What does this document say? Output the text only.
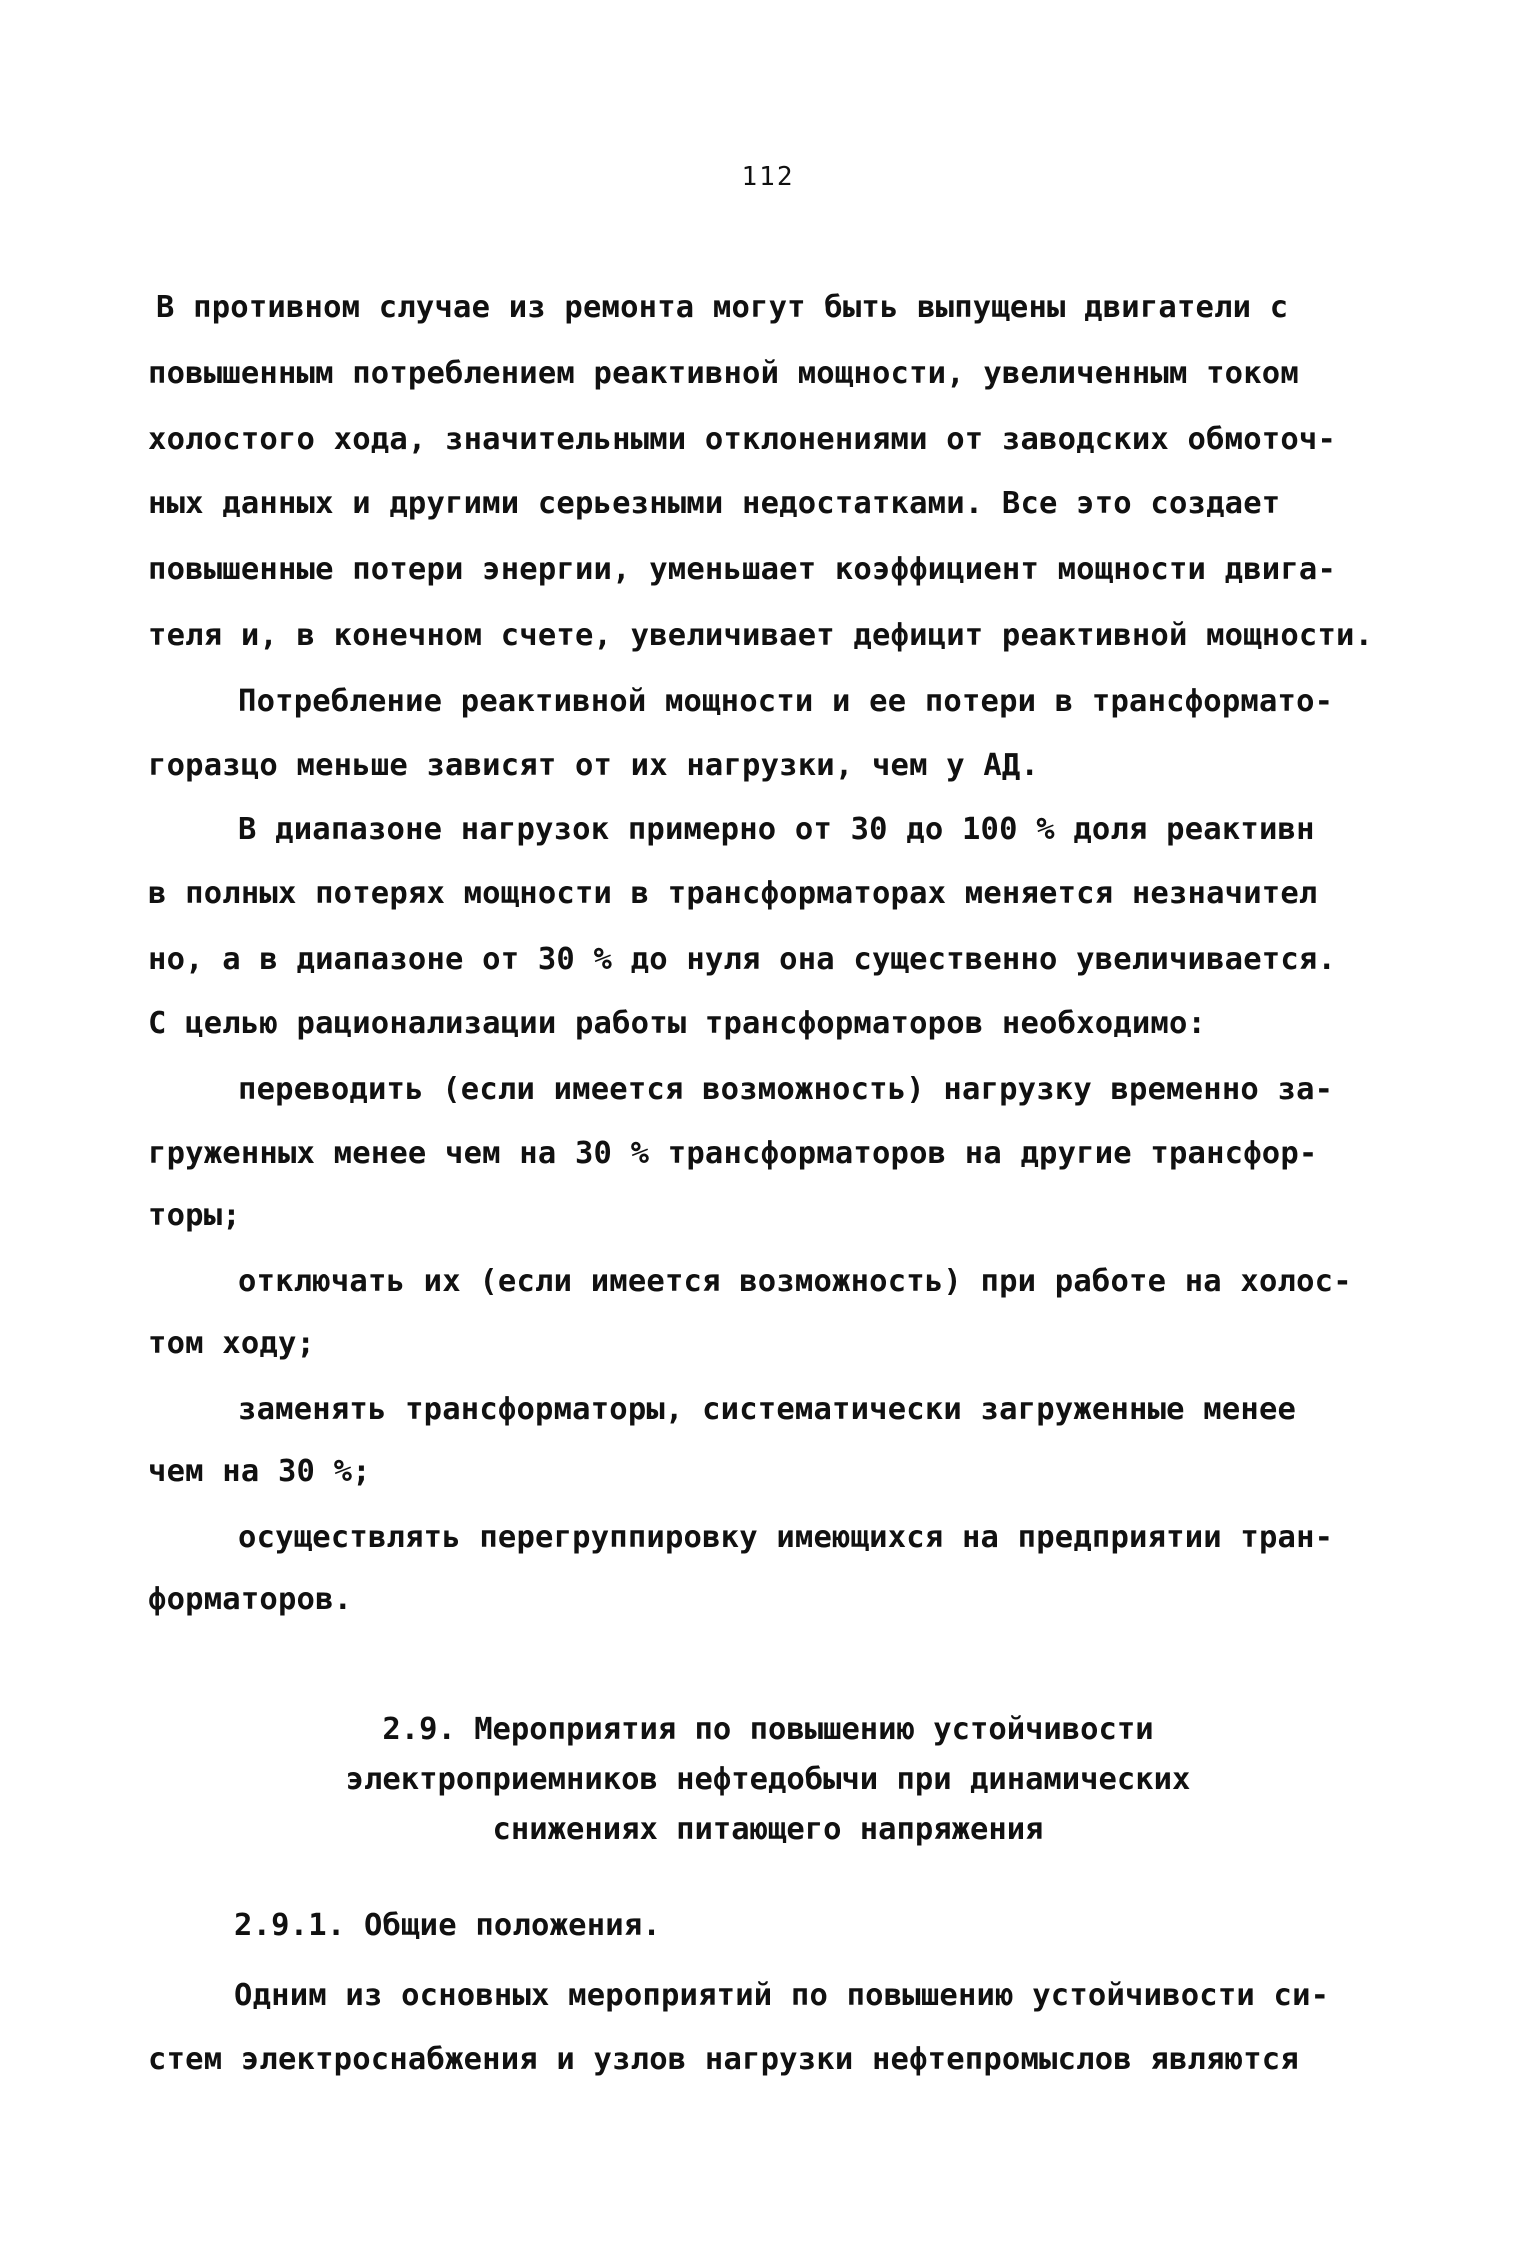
112
В противном случае из ремонта могут быть выпущены двигатели с
повышенным потреблением реактивной мощности, увеличенным током
холостого хода, значительными отклонениями от заводских обмоточ-
ных данных и другими серьезными недостатками. Все это создает
повышенные потери энергии, уменьшает коэффициент мощности двига-
теля и, в конечном счете, увеличивает дефицит реактивной мощности.
Потребление реактивной мощности и ее потери в трансформато-
горазцо меньше зависят от их нагрузки, чем у АД.
В диапазоне нагрузок примерно от 30 до 100 % доля реактивн
в полных потерях мощности в трансформаторах меняется незначител
но, а в диапазоне от 30 % до нуля она существенно увеличивается.
С целью рационализации работы трансформаторов необходимо:
переводить (если имеется возможность) нагрузку временно за-
груженных менее чем на 30 % трансформаторов на другие трансфор-
торы;
отключать их (если имеется возможность) при работе на холос-
том ходу;
заменять трансформаторы, систематически загруженные менее
чем на 30 %;
осуществлять перегруппировку имеющихся на предприятии тран-
форматоров.
2.9. Мероприятия по повышению устойчивости
электроприемников нефтедобычи при динамических
снижениях питающего напряжения
2.9.1. Общие положения.
Одним из основных мероприятий по повышению устойчивости си-
стем электроснабжения и узлов нагрузки нефтепромыслов являются
